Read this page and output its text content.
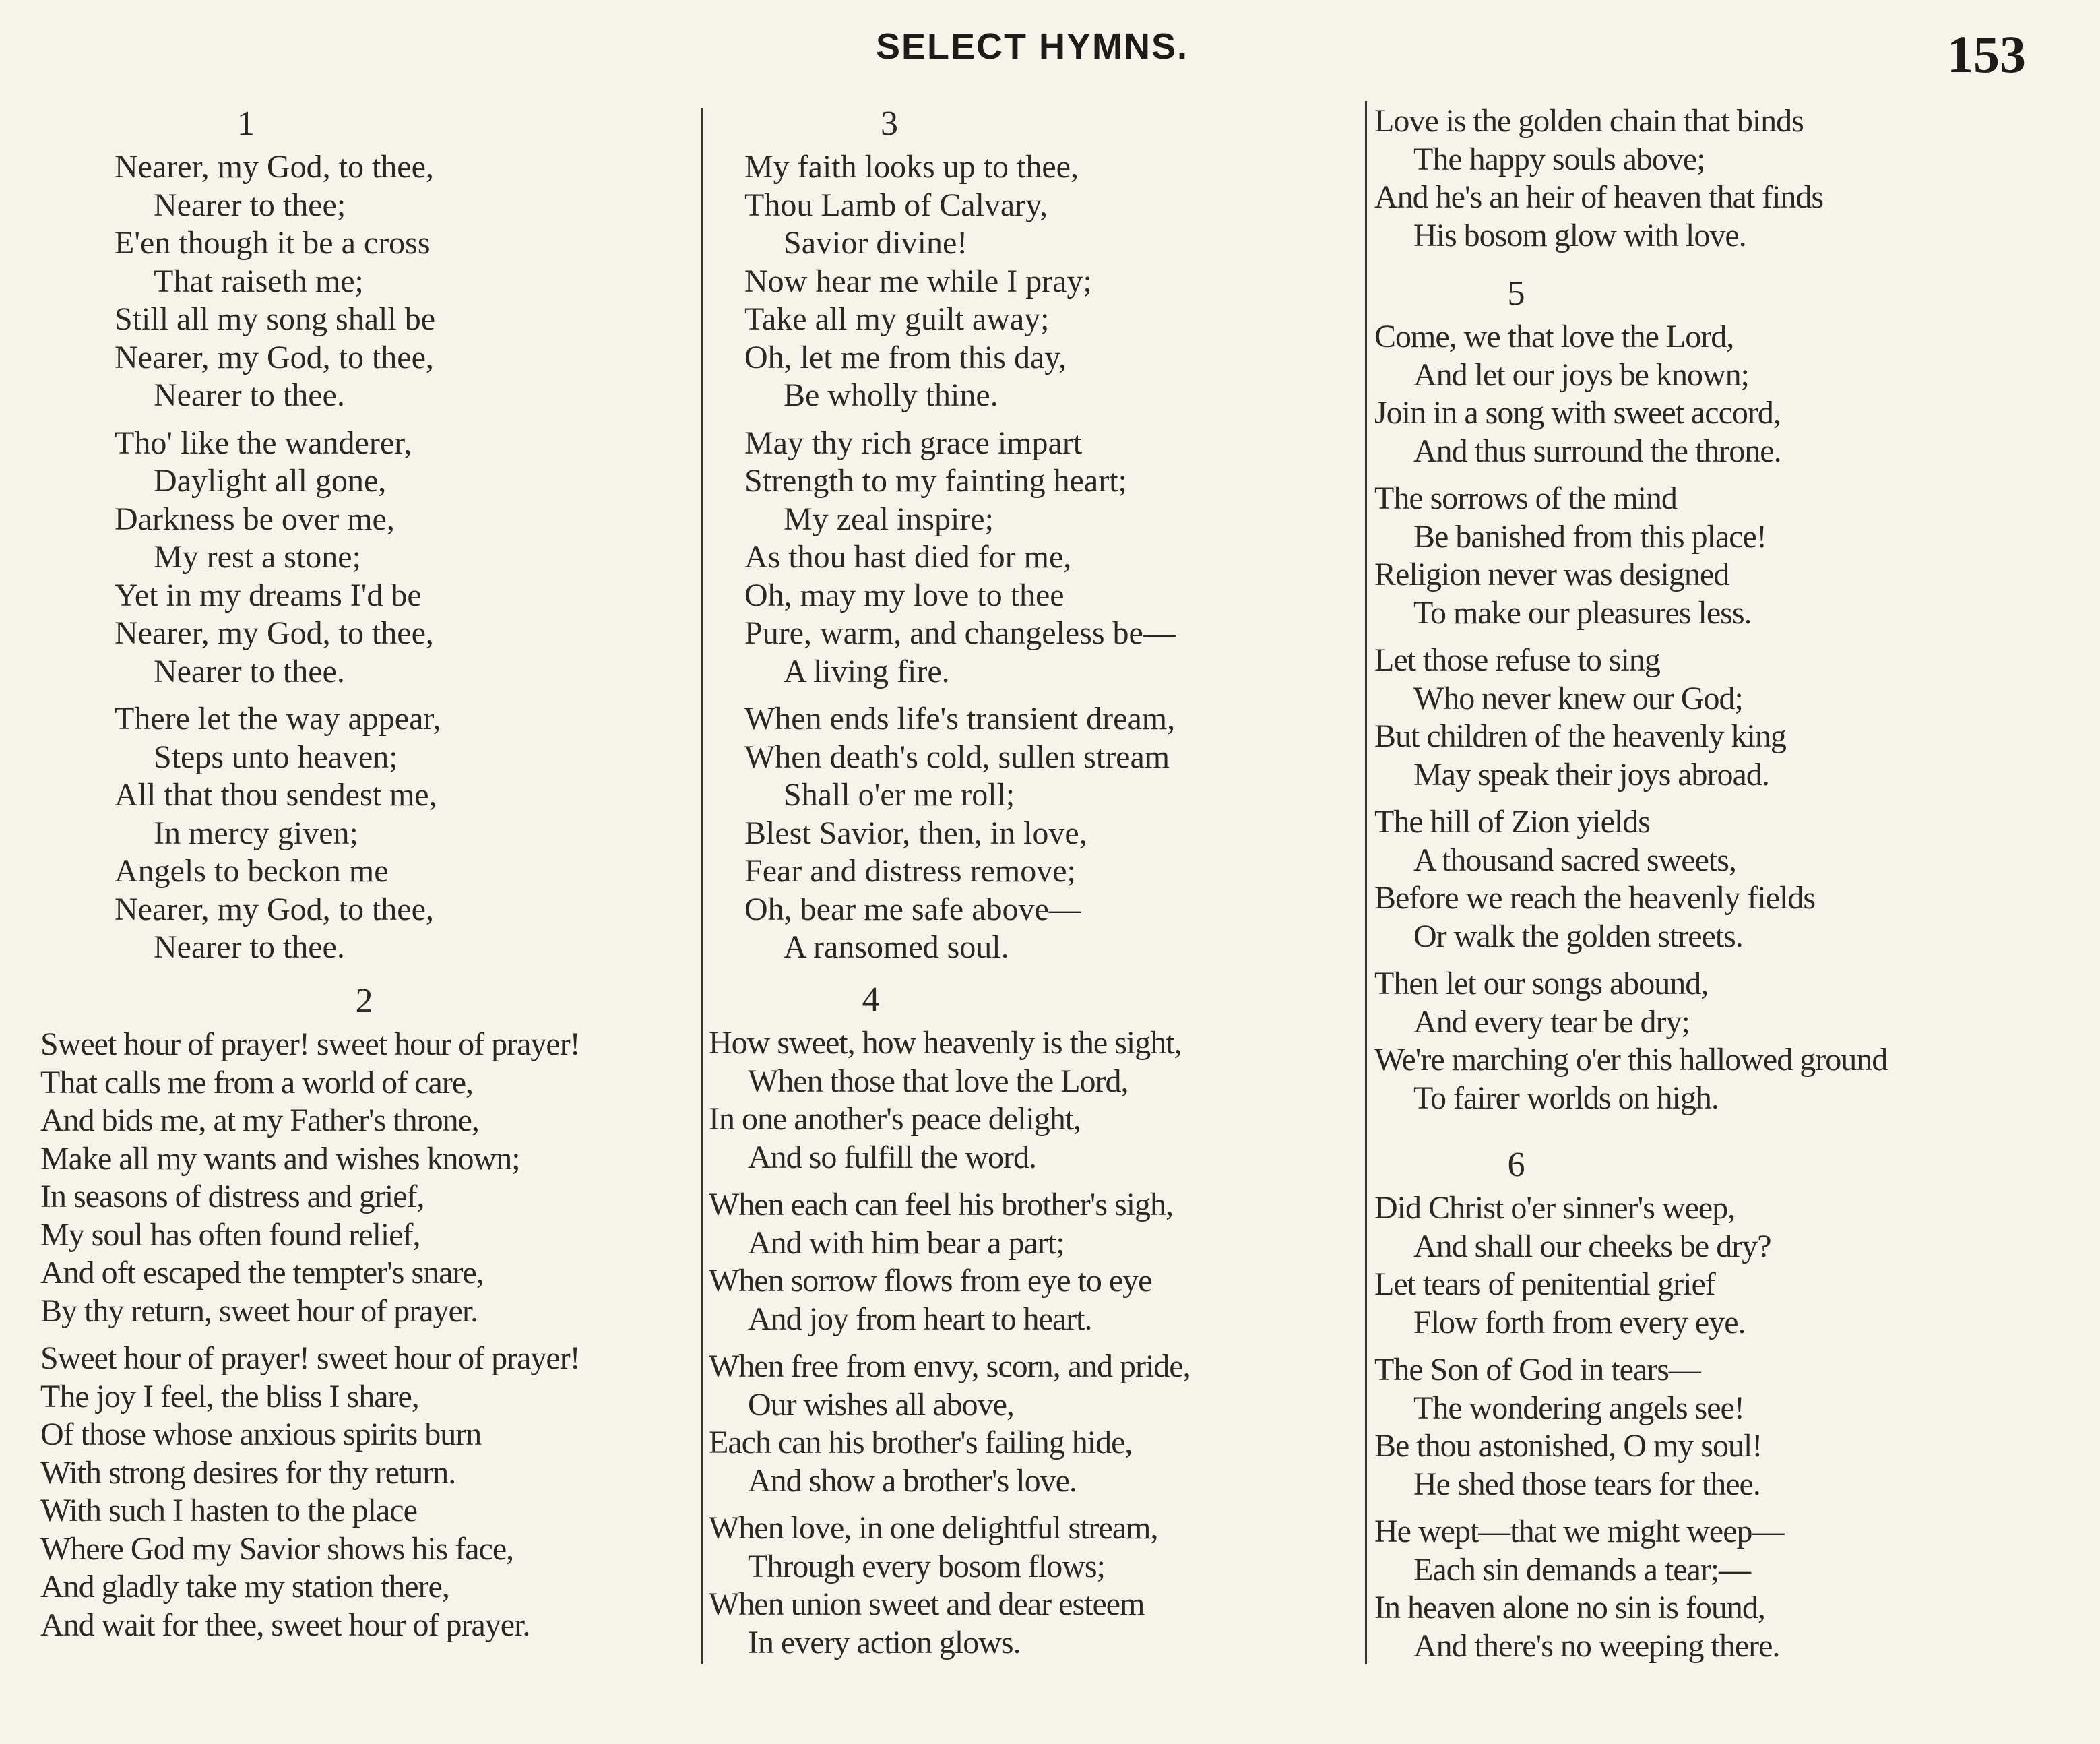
SELECT HYMNS.	153
1
Nearer, my God, to thee,
Nearer to thee;
E'en though it be a cross
That raiseth me;
Still all my song shall be
Nearer, my God, to thee,
Nearer to thee.
Tho' like the wanderer,
Daylight all gone,
Darkness be over me,
My rest a stone;
Yet in my dreams I'd be
Nearer, my God, to thee,
Nearer to thee.
There let the way appear,
Steps unto heaven;
All that thou sendest me,
In mercy given;
Angels to beckon me
Nearer, my God, to thee,
Nearer to thee.
2
Sweet hour of prayer! sweet hour of prayer!
That calls me from a world of care,
And bids me, at my Father's throne,
Make all my wants and wishes known;
In seasons of distress and grief,
My soul has often found relief,
And oft escaped the tempter's snare,
By thy return, sweet hour of prayer.
Sweet hour of prayer! sweet hour of prayer!
The joy I feel, the bliss I share,
Of those whose anxious spirits burn
With strong desires for thy return.
With such I hasten to the place
Where God my Savior shows his face,
And gladly take my station there,
And wait for thee, sweet hour of prayer.
3
My faith looks up to thee,
Thou Lamb of Calvary,
Savior divine!
Now hear me while I pray;
Take all my guilt away;
Oh, let me from this day,
Be wholly thine.
May thy rich grace impart
Strength to my fainting heart;
My zeal inspire;
As thou hast died for me,
Oh, may my love to thee
Pure, warm, and changeless be—
A living fire.
When ends life's transient dream,
When death's cold, sullen stream
Shall o'er me roll;
Blest Savior, then, in love,
Fear and distress remove;
Oh, bear me safe above—
A ransomed soul.
4
How sweet, how heavenly is the sight,
When those that love the Lord,
In one another's peace delight,
And so fulfill the word.
When each can feel his brother's sigh,
And with him bear a part;
When sorrow flows from eye to eye
And joy from heart to heart.
When free from envy, scorn, and pride,
Our wishes all above,
Each can his brother's failing hide,
And show a brother's love.
When love, in one delightful stream,
Through every bosom flows;
When union sweet and dear esteem
In every action glows.
Love is the golden chain that binds
The happy souls above;
And he's an heir of heaven that finds
His bosom glow with love.
5
Come, we that love the Lord,
And let our joys be known;
Join in a song with sweet accord,
And thus surround the throne.
The sorrows of the mind
Be banished from this place!
Religion never was designed
To make our pleasures less.
Let those refuse to sing
Who never knew our God;
But children of the heavenly king
May speak their joys abroad.
The hill of Zion yields
A thousand sacred sweets,
Before we reach the heavenly fields
Or walk the golden streets.
Then let our songs abound,
And every tear be dry;
We're marching o'er this hallowed ground
To fairer worlds on high.
6
Did Christ o'er sinner's weep,
And shall our cheeks be dry?
Let tears of penitential grief
Flow forth from every eye.
The Son of God in tears—
The wondering angels see!
Be thou astonished, O my soul!
He shed those tears for thee.
He wept—that we might weep—
Each sin demands a tear;—
In heaven alone no sin is found,
And there's no weeping there.
